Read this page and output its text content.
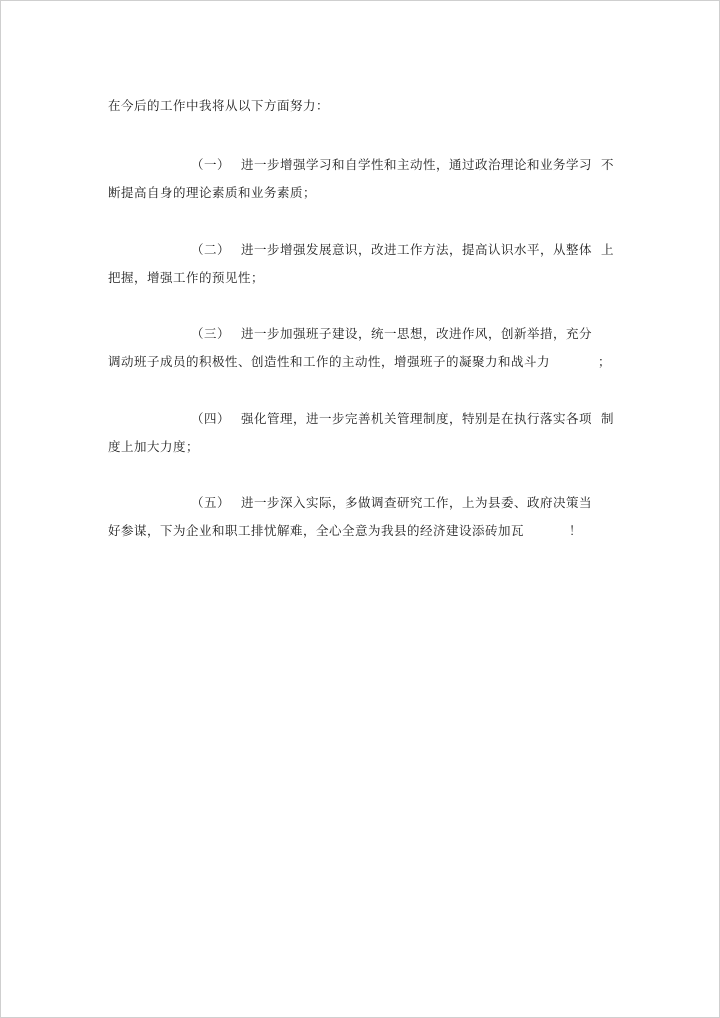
在今后的工作中我将从以下方面努力：
（一） 进一步增强学习和自学性和主动性，通过政治理论和业务学习 不
断提高自身的理论素质和业务素质；
（二） 进一步增强发展意识，改进工作方法，提高认识水平，从整体 上
把握，增强工作的预见性；
（三） 进一步加强班子建设，统一思想，改进作风，创新举措，充分
调动班子成员的积极性、创造性和工作的主动性，增强班子的凝聚力和战斗力	；
（四） 强化管理，进一步完善机关管理制度，特别是在执行落实各项 制
度上加大力度；
（五） 进一步深入实际，多做调查研究工作，上为县委、政府决策当
好参谋，下为企业和职工排忧解难，全心全意为我县的经济建设添砖加瓦	！
